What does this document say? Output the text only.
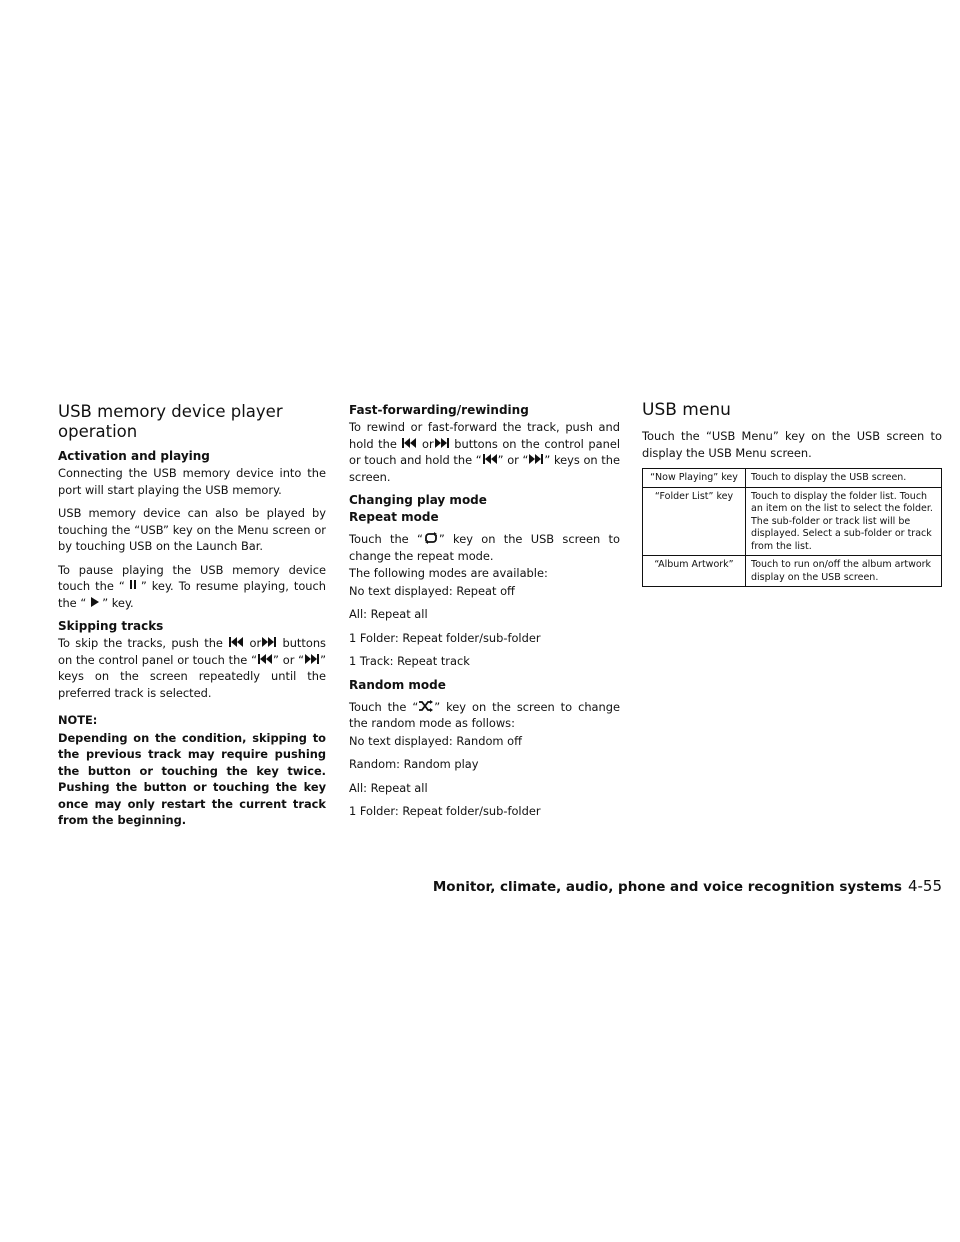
USB memory device player operation
Activation and playing

Connecting the USB memory device into the port will start playing the USB memory.

USB memory device can also be played by touching the “USB” key on the Menu screen or by touching USB on the Launch Bar.

To pause playing the USB memory device touch the “ ” key. To resume playing, touch the “ ” key.

Skipping tracks

To skip the tracks, push the or buttons on the control panel or touch the “ ” or “ ” keys on the screen repeatedly until the preferred track is selected.

NOTE:

Depending on the condition, skipping to the previous track may require pushing the button or touching the key twice. Pushing the button or touching the key once may only restart the current track from the beginning.

Fast-forwarding/rewinding

To rewind or fast-forward the track, push and hold the or buttons on the control panel or touch and hold the “ ” or “ ” keys on the screen.

Changing play mode
Repeat mode

Touch the “ ” key on the USB screen to change the repeat mode.

The following modes are available:

No text displayed: Repeat off

All: Repeat all

1 Folder: Repeat folder/sub-folder

1 Track: Repeat track

Random mode

Touch the “ ” key on the screen to change the random mode as follows:

No text displayed: Random off

Random: Random play

All: Repeat all

1 Folder: Repeat folder/sub-folder

USB menu

Touch the “USB Menu” key on the USB screen to display the USB Menu screen.

“Now Playing” key	Touch to display the USB screen.
“Folder List” key	Touch to display the folder list. Touch an item on the list to select the folder. The sub-folder or track list will be displayed. Select a sub-folder or track from the list.
“Album Artwork”	Touch to run on/off the album artwork display on the USB screen.
Monitor, climate, audio, phone and voice recognition systems 4-55
